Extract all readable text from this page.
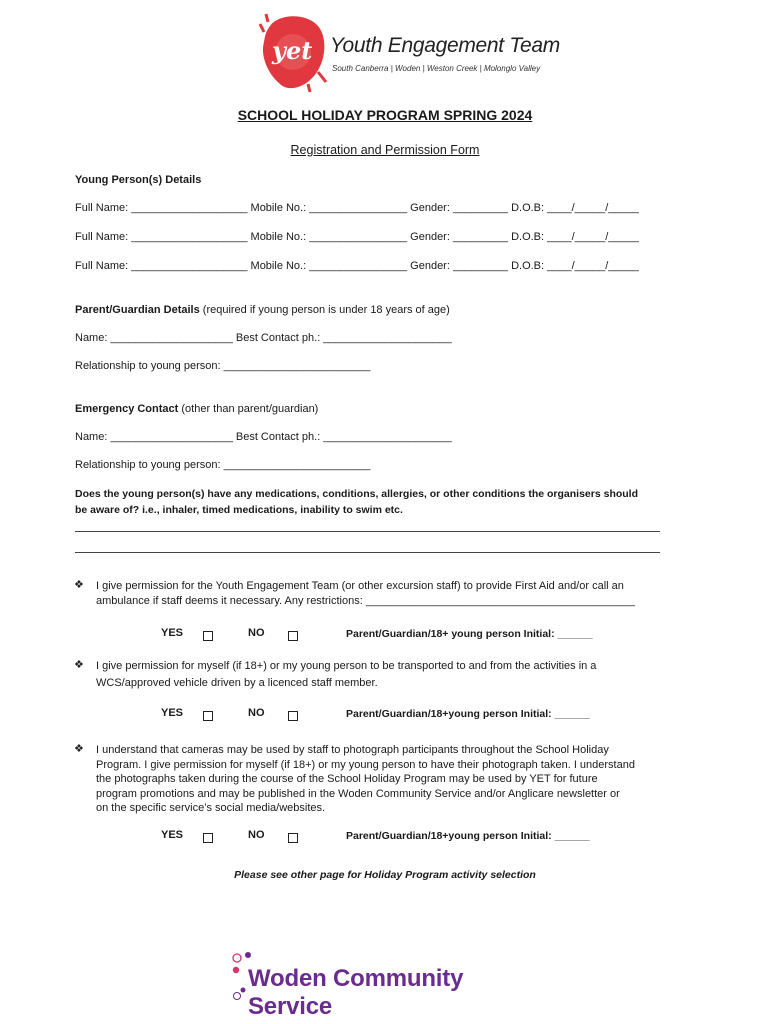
yet Youth Engagement Team
South Canberra | Woden | Weston Creek | Molonglo Valley
SCHOOL HOLIDAY PROGRAM SPRING 2024
Registration and Permission Form
Young Person(s) Details
Full Name: ___________________ Mobile No.: ________________ Gender: _________ D.O.B: ____/_____/_____
Full Name: ___________________ Mobile No.: ________________ Gender: _________ D.O.B: ____/_____/_____
Full Name: ___________________ Mobile No.: ________________ Gender: _________ D.O.B: ____/_____/_____
Parent/Guardian Details (required if young person is under 18 years of age)
Name: ____________________ Best Contact ph.: _____________________
Relationship to young person: ________________________
Emergency Contact (other than parent/guardian)
Name: ____________________ Best Contact ph.: _____________________
Relationship to young person: ________________________
Does the young person(s) have any medications, conditions, allergies, or other conditions the organisers should
be aware of? i.e., inhaler, timed medications, inability to swim etc.
❖ I give permission for the Youth Engagement Team (or other excursion staff) to provide First Aid and/or call an
ambulance if staff deems it necessary. Any restrictions: ____________________________________________
YES	NO	Parent/Guardian/18+ young person Initial: ______
❖ I give permission for myself (if 18+) or my young person to be transported to and from the activities in a
WCS/approved vehicle driven by a licenced staff member.
YES	NO	Parent/Guardian/18+young person Initial: ______
❖ I understand that cameras may be used by staff to photograph participants throughout the School Holiday
Program. I give permission for myself (if 18+) or my young person to have their photograph taken. I understand
the photographs taken during the course of the School Holiday Program may be used by YET for future
program promotions and may be published in the Woden Community Service and/or Anglicare newsletter or
on the specific service’s social media/websites.
YES	NO	Parent/Guardian/18+young person Initial: ______
Please see other page for Holiday Program activity selection
Woden Community Service
